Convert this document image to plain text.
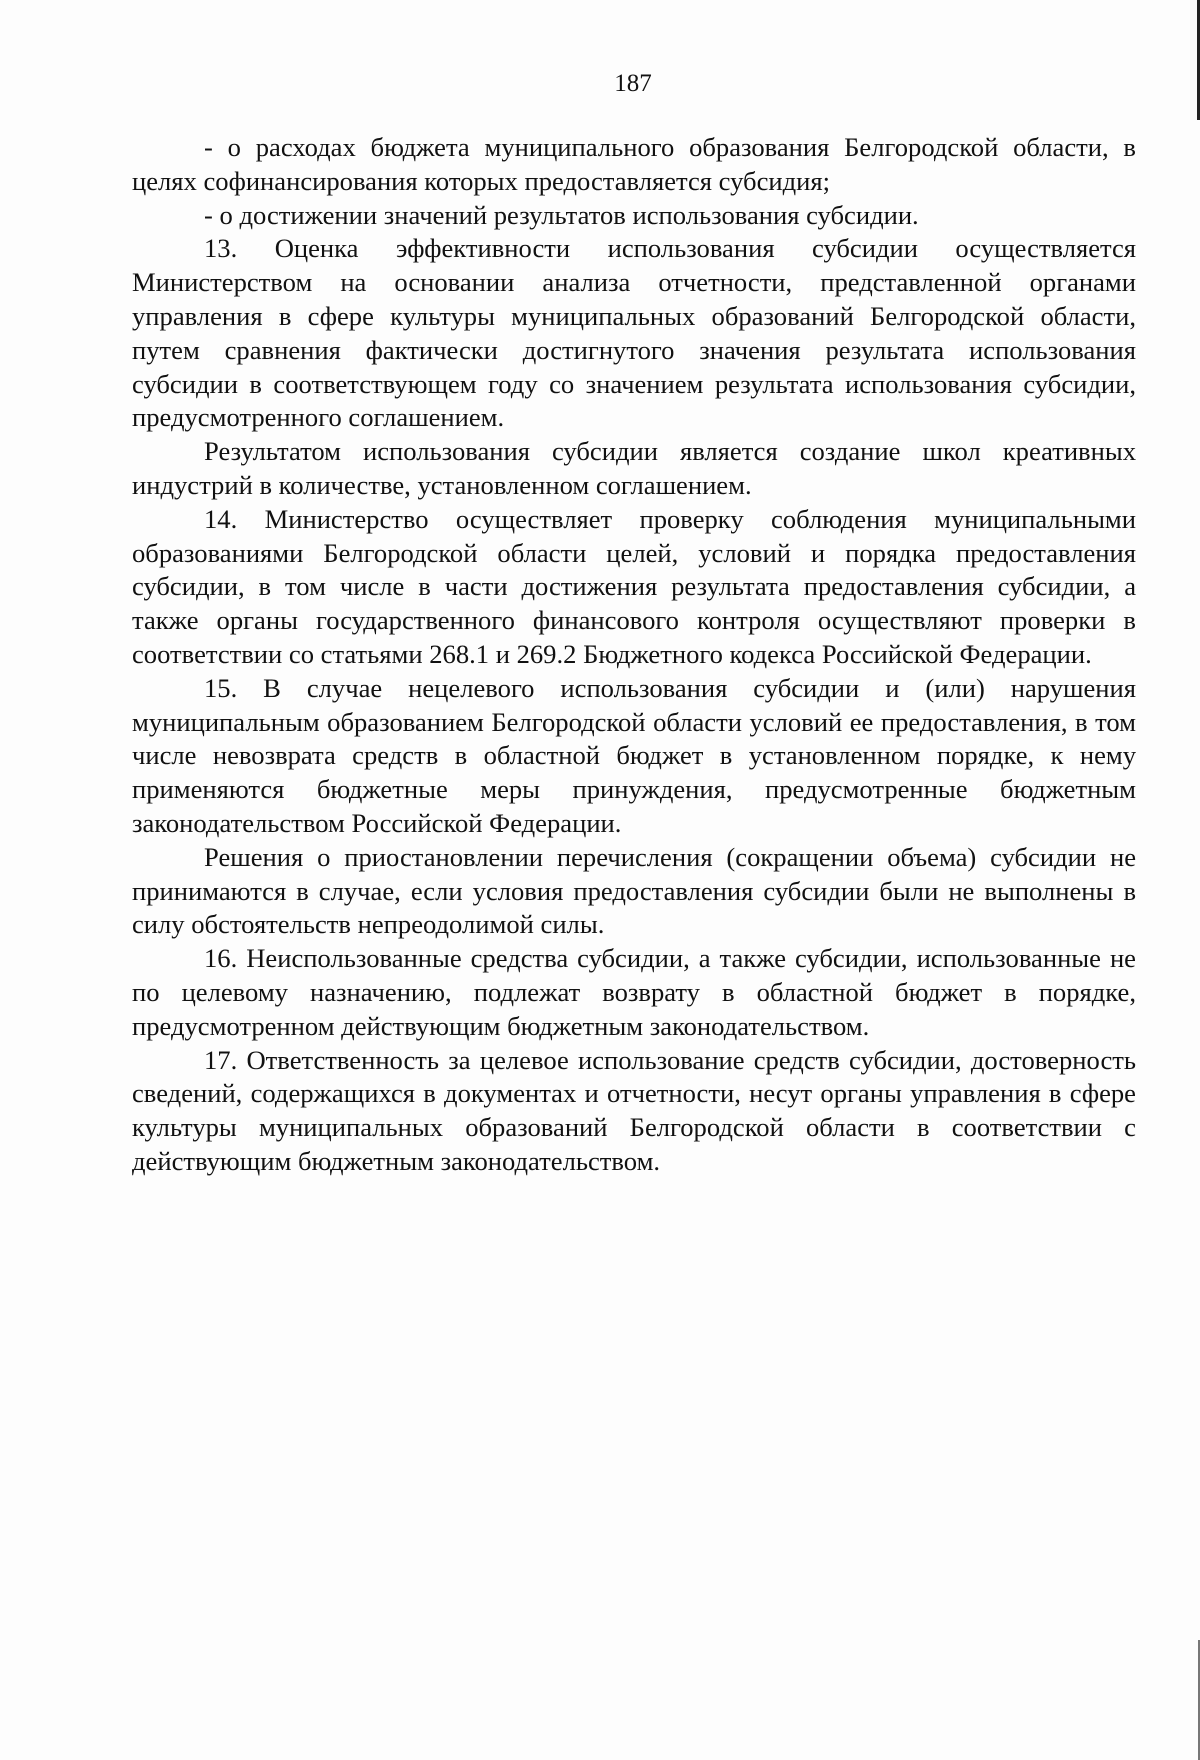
187

- о расходах бюджета муниципального образования Белгородской области, в целях софинансирования которых предоставляется субсидия;

- о достижении значений результатов использования субсидии.

13. Оценка эффективности использования субсидии осуществляется Министерством на основании анализа отчетности, представленной органами управления в сфере культуры муниципальных образований Белгородской области, путем сравнения фактически достигнутого значения результата использования субсидии в соответствующем году со значением результата использования субсидии, предусмотренного соглашением.

Результатом использования субсидии является создание школ креативных индустрий в количестве, установленном соглашением.

14. Министерство осуществляет проверку соблюдения муниципальными образованиями Белгородской области целей, условий и порядка предоставления субсидии, в том числе в части достижения результата предоставления субсидии, а также органы государственного финансового контроля осуществляют проверки в соответствии со статьями 268.1 и 269.2 Бюджетного кодекса Российской Федерации.

15. В случае нецелевого использования субсидии и (или) нарушения муниципальным образованием Белгородской области условий ее предоставления, в том числе невозврата средств в областной бюджет в установленном порядке, к нему применяются бюджетные меры принуждения, предусмотренные бюджетным законодательством Российской Федерации.

Решения о приостановлении перечисления (сокращении объема) субсидии не принимаются в случае, если условия предоставления субсидии были не выполнены в силу обстоятельств непреодолимой силы.

16. Неиспользованные средства субсидии, а также субсидии, использованные не по целевому назначению, подлежат возврату в областной бюджет в порядке, предусмотренном действующим бюджетным законодательством.

17. Ответственность за целевое использование средств субсидии, достоверность сведений, содержащихся в документах и отчетности, несут органы управления в сфере культуры муниципальных образований Белгородской области в соответствии с действующим бюджетным законодательством.
